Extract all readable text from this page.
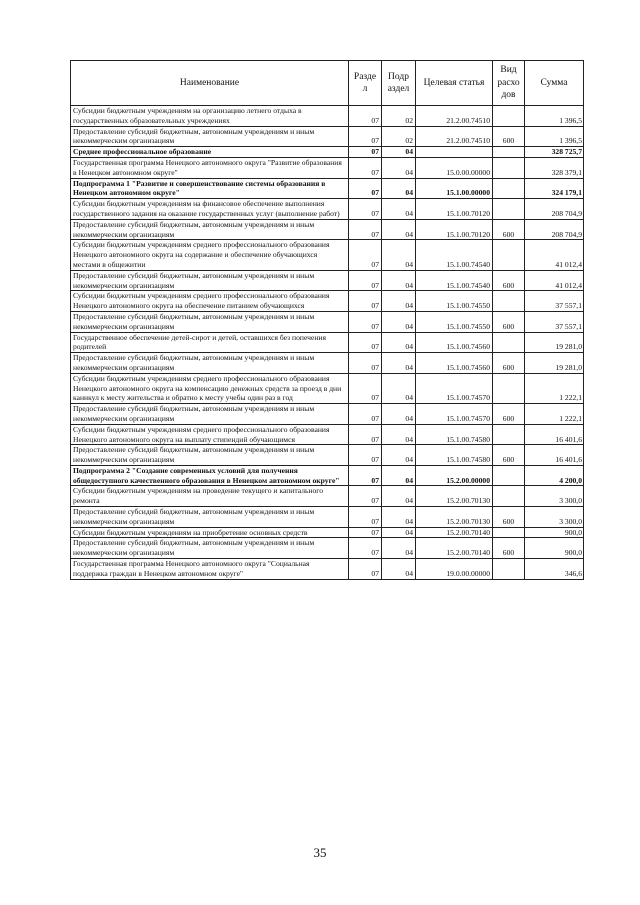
Наименование	Разде л	Подр аздел	Целевая статья	Вид расхо дов	Сумма
Субсидии бюджетным учреждениям на организацию летнего отдыха в государственных образовательных учреждениях	07	02	21.2.00.74510		1 396,5
Предоставление субсидий бюджетным, автономным учреждениям и иным некоммерческим организациям	07	02	21.2.00.74510	600	1 396,5
Среднее профессиональное образование	07	04			328 725,7
Государственная программа Ненецкого автономного округа "Развитие образования в Ненецком автономном округе"	07	04	15.0.00.00000		328 379,1
Подпрограмма 1 "Развитие и совершенствование системы образования в Ненецком автономном округе"	07	04	15.1.00.00000		324 179,1
Субсидии бюджетным учреждениям на финансовое обеспечение выполнения государственного задания на оказание государственных услуг (выполнение работ)	07	04	15.1.00.70120		208 704,9
Предоставление субсидий бюджетным, автономным учреждениям и иным некоммерческим организациям	07	04	15.1.00.70120	600	208 704,9
Субсидии бюджетным учреждениям среднего профессионального образования Ненецкого автономного округа на содержание и обеспечение обучающихся местами в общежитии	07	04	15.1.00.74540		41 012,4
Предоставление субсидий бюджетным, автономным учреждениям и иным некоммерческим организациям	07	04	15.1.00.74540	600	41 012,4
Субсидии бюджетным учреждениям среднего профессионального образования Ненецкого автономного округа на обеспечение питанием обучающихся	07	04	15.1.00.74550		37 557,1
Предоставление субсидий бюджетным, автономным учреждениям и иным некоммерческим организациям	07	04	15.1.00.74550	600	37 557,1
Государственное обеспечение детей-сирот и детей, оставшихся без попечения родителей	07	04	15.1.00.74560		19 281,0
Предоставление субсидий бюджетным, автономным учреждениям и иным некоммерческим организациям	07	04	15.1.00.74560	600	19 281,0
Субсидии бюджетным учреждениям среднего профессионального образования Ненецкого автономного округа на компенсацию денежных средств за проезд в дни каникул к месту жительства и обратно к месту учебы один раз в год	07	04	15.1.00.74570		1 222,1
Предоставление субсидий бюджетным, автономным учреждениям и иным некоммерческим организациям	07	04	15.1.00.74570	600	1 222,1
Субсидии бюджетным учреждениям среднего профессионального образования Ненецкого автономного округа на выплату стипендий обучающимся	07	04	15.1.00.74580		16 401,6
Предоставление субсидий бюджетным, автономным учреждениям и иным некоммерческим организациям	07	04	15.1.00.74580	600	16 401,6
Подпрограмма 2 "Создание современных условий для получения общедоступного качественного образования в Ненецком автономном округе"	07	04	15.2.00.00000		4 200,0
Субсидии бюджетным учреждениям на проведение текущего и капитального ремонта	07	04	15.2.00.70130		3 300,0
Предоставление субсидий бюджетным, автономным учреждениям и иным некоммерческим организациям	07	04	15.2.00.70130	600	3 300,0
Субсидии бюджетным учреждениям на приобретение основных средств	07	04	15.2.00.70140		900,0
Предоставление субсидий бюджетным, автономным учреждениям и иным некоммерческим организациям	07	04	15.2.00.70140	600	900,0
Государственная программа Ненецкого автономного округа "Социальная поддержка граждан в Ненецком автономном округе"	07	04	19.0.00.00000		346,6
35
